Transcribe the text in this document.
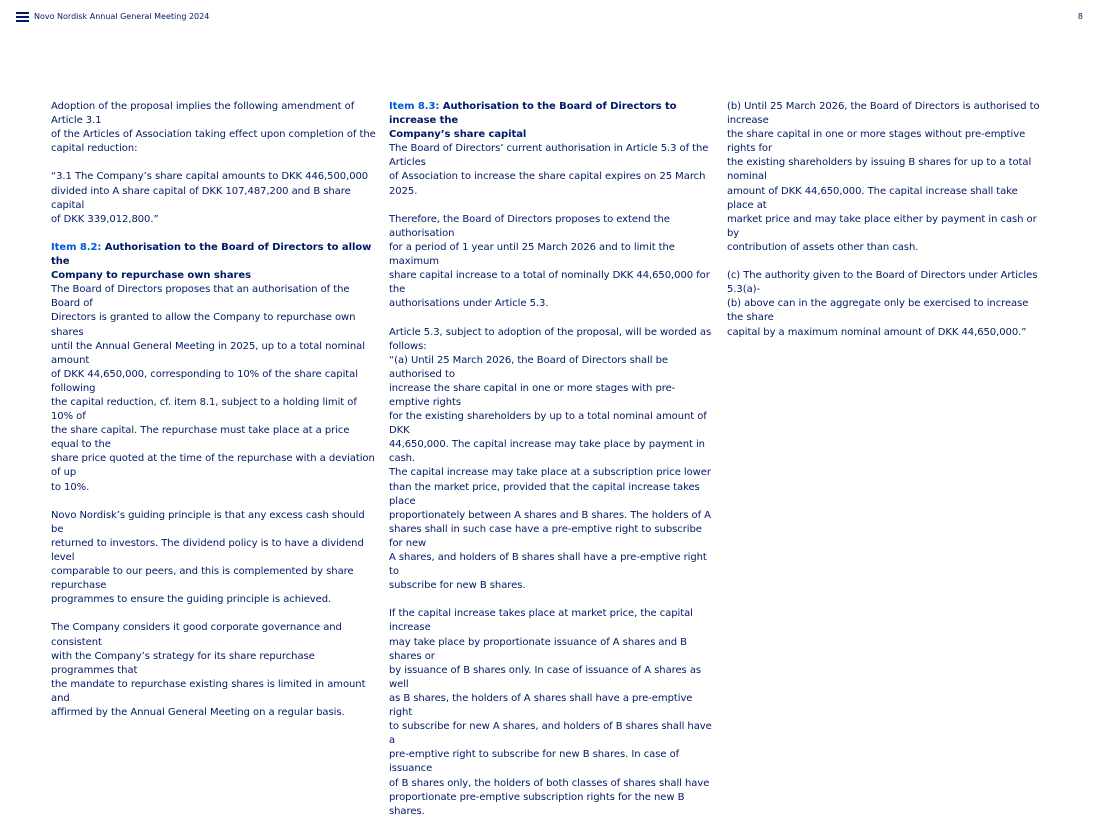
Novo Nordisk Annual General Meeting 2024	8

Adoption of the proposal implies the following amendment of Article 3.1
of the Articles of Association taking effect upon completion of the
capital reduction:

“3.1 The Company’s share capital amounts to DKK 446,500,000
divided into A share capital of DKK 107,487,200 and B share capital
of DKK 339,012,800.”

Item 8.2: Authorisation to the Board of Directors to allow the
Company to repurchase own shares

The Board of Directors proposes that an authorisation of the Board of
Directors is granted to allow the Company to repurchase own shares
until the Annual General Meeting in 2025, up to a total nominal amount
of DKK 44,650,000, corresponding to 10% of the share capital following
the capital reduction, cf. item 8.1, subject to a holding limit of 10% of
the share capital. The repurchase must take place at a price equal to the
share price quoted at the time of the repurchase with a deviation of up
to 10%.

Novo Nordisk’s guiding principle is that any excess cash should be
returned to investors. The dividend policy is to have a dividend level
comparable to our peers, and this is complemented by share repurchase
programmes to ensure the guiding principle is achieved.

The Company considers it good corporate governance and consistent
with the Company’s strategy for its share repurchase programmes that
the mandate to repurchase existing shares is limited in amount and
affirmed by the Annual General Meeting on a regular basis.

Item 8.3: Authorisation to the Board of Directors to increase the
Company’s share capital

The Board of Directors’ current authorisation in Article 5.3 of the Articles
of Association to increase the share capital expires on 25 March 2025.

Therefore, the Board of Directors proposes to extend the authorisation
for a period of 1 year until 25 March 2026 and to limit the maximum
share capital increase to a total of nominally DKK 44,650,000 for the
authorisations under Article 5.3.

Article 5.3, subject to adoption of the proposal, will be worded as
follows:
“(a) Until 25 March 2026, the Board of Directors shall be authorised to
increase the share capital in one or more stages with pre-emptive rights
for the existing shareholders by up to a total nominal amount of DKK
44,650,000. The capital increase may take place by payment in cash.
The capital increase may take place at a subscription price lower
than the market price, provided that the capital increase takes place
proportionately between A shares and B shares. The holders of A
shares shall in such case have a pre-emptive right to subscribe for new
A shares, and holders of B shares shall have a pre-emptive right to
subscribe for new B shares.

If the capital increase takes place at market price, the capital increase
may take place by proportionate issuance of A shares and B shares or
by issuance of B shares only. In case of issuance of A shares as well
as B shares, the holders of A shares shall have a pre-emptive right
to subscribe for new A shares, and holders of B shares shall have a
pre-emptive right to subscribe for new B shares. In case of issuance
of B shares only, the holders of both classes of shares shall have
proportionate pre-emptive subscription rights for the new B shares.

(b) Until 25 March 2026, the Board of Directors is authorised to increase
the share capital in one or more stages without pre-emptive rights for
the existing shareholders by issuing B shares for up to a total nominal
amount of DKK 44,650,000. The capital increase shall take place at
market price and may take place either by payment in cash or by
contribution of assets other than cash.

(c) The authority given to the Board of Directors under Articles 5.3(a)-
(b) above can in the aggregate only be exercised to increase the share
capital by a maximum nominal amount of DKK 44,650,000.”
